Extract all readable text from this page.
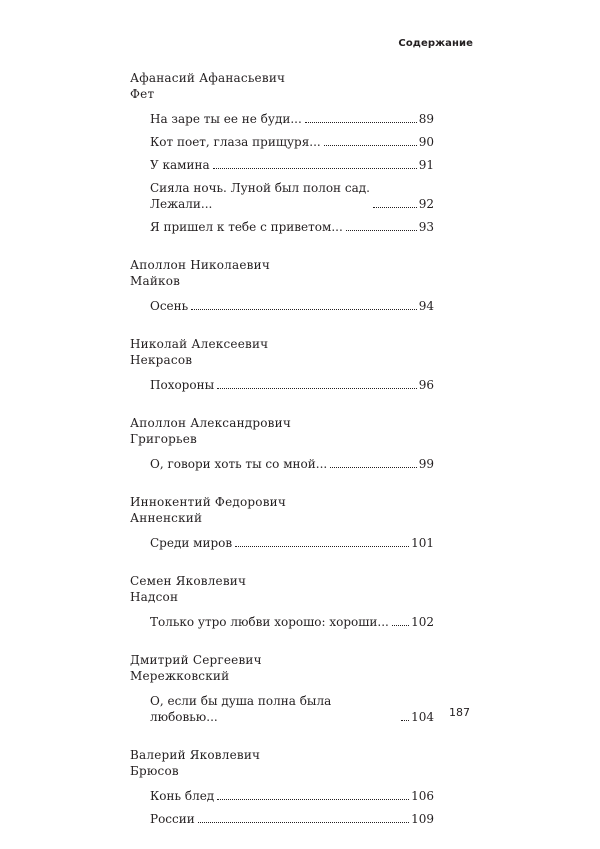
Содержание
Афанасий Афанасьевич
Фет
На заре ты ее не буди...	89
Кот поет, глаза прищуря...	90
У камина	91
Сияла ночь. Луной был полон сад.
Лежали...	92
Я пришел к тебе с приветом...	93
Аполлон Николаевич
Майков
Осень	94
Николай Алексеевич
Некрасов
Похороны	96
Аполлон Александрович
Григорьев
О, говори хоть ты со мной...	99
Иннокентий Федорович
Анненский
Среди миров	101
Семен Яковлевич
Надсон
Только утро любви хорошо: хороши... 102
Дмитрий Сергеевич
Мережковский
О, если бы душа полна была любовью...	104
Валерий Яковлевич
Брюсов
Конь блед	106
России	109
187
